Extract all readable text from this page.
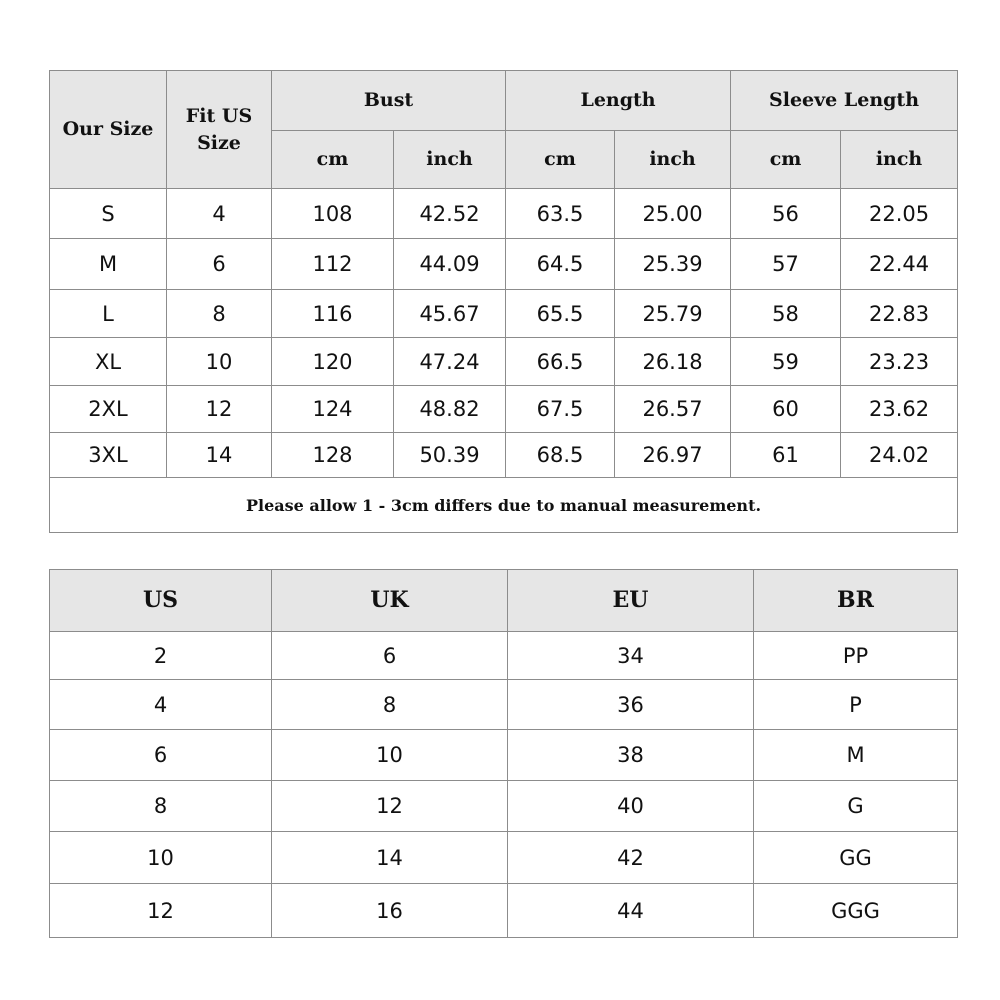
Our Size	Fit US Size	Bust		Length		Sleeve Length	
		cm	inch	cm	inch	cm	inch
S	4	108	42.52	63.5	25.00	56	22.05
M	6	112	44.09	64.5	25.39	57	22.44
L	8	116	45.67	65.5	25.79	58	22.83
XL	10	120	47.24	66.5	26.18	59	23.23
2XL	12	124	48.82	67.5	26.57	60	23.62
3XL	14	128	50.39	68.5	26.97	61	24.02
Please allow 1 - 3cm differs due to manual measurement.							
US	UK	EU	BR
2	6	34	PP
4	8	36	P
6	10	38	M
8	12	40	G
10	14	42	GG
12	16	44	GGG
